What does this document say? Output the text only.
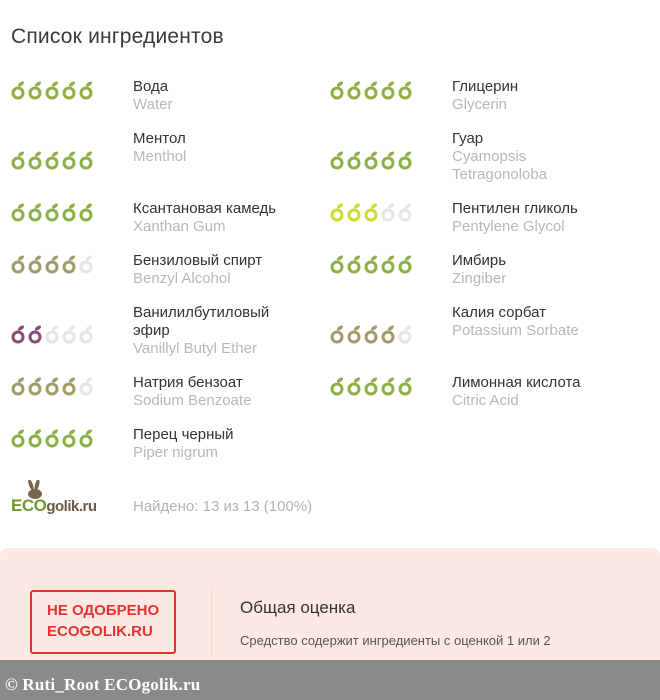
Список ингредиентов
Вода
Water
Глицерин
Glycerin
Ментол
Menthol
Гуар
Cyamopsis Tetragonoloba
Ксантановая камедь
Xanthan Gum
Пентилен гликоль
Pentylene Glycol
Бензиловый спирт
Benzyl Alcohol
Имбирь
Zingiber
Ванилилбутиловый эфир
Vanillyl Butyl Ether
Калия сорбат
Potassium Sorbate
Натрия бензоат
Sodium Benzoate
Лимонная кислота
Citric Acid
Перец черный
Piper nigrum
ECOgolik.ru Найдено: 13 из 13 (100%)
НЕ ОДОБРЕНО
ECOGOLIK.RU
Общая оценка
Средство содержит ингредиенты с оценкой 1 или 2
© Ruti_Root ECOgolik.ru
